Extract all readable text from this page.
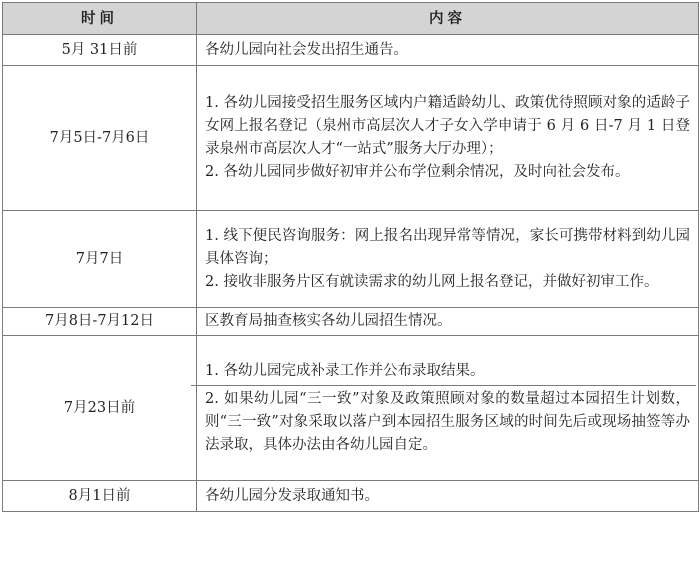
时间	内容
5月 31日前	各幼儿园向社会发出招生通告。

7月5日-7月6日	1. 各幼儿园接受招生服务区域内户籍适龄幼儿、政策优待照顾对象的适龄子女网上报名登记（泉州市高层次人才子女入学申请于 6 月 6 日-7 月 1 日登录泉州市高层次人才“一站式”服务大厅办理）；
2. 各幼儿园同步做好初审并公布学位剩余情况，及时向社会发布。

7月7日	1. 线下便民咨询服务：网上报名出现异常等情况，家长可携带材料到幼儿园具体咨询；
2. 接收非服务片区有就读需求的幼儿网上报名登记，并做好初审工作。

7月8日-7月12日	区教育局抽查核实各幼儿园招生情况。

7月23日前	1. 各幼儿园完成补录工作并公布录取结果。
2. 如果幼儿园“三一致”对象及政策照顾对象的数量超过本园招生计划数，则“三一致”对象采取以落户到本园招生服务区域的时间先后或现场抽签等办法录取，具体办法由各幼儿园自定。

8月1日前	各幼儿园分发录取通知书。
